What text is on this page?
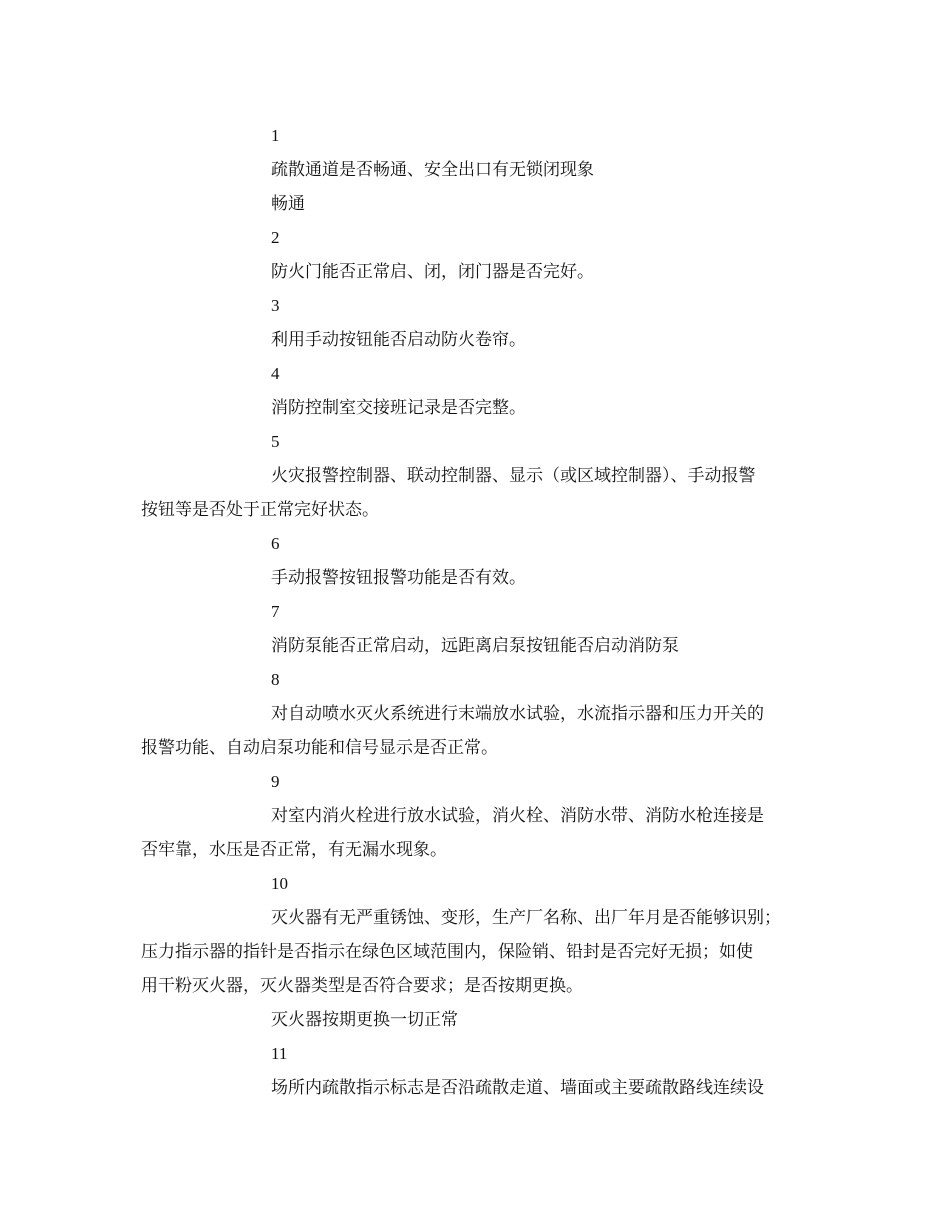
1

疏散通道是否畅通、安全出口有无锁闭现象

畅通

2

防火门能否正常启、闭，闭门器是否完好。

3

利用手动按钮能否启动防火卷帘。

4

消防控制室交接班记录是否完整。

5

火灾报警控制器、联动控制器、显示（或区域控制器）、手动报警

按钮等是否处于正常完好状态。

6

手动报警按钮报警功能是否有效。

7

消防泵能否正常启动，远距离启泵按钮能否启动消防泵

8

对自动喷水灭火系统进行末端放水试验，水流指示器和压力开关的

报警功能、自动启泵功能和信号显示是否正常。

9

对室内消火栓进行放水试验，消火栓、消防水带、消防水枪连接是

否牢靠，水压是否正常，有无漏水现象。

10

灭火器有无严重锈蚀、变形，生产厂名称、出厂年月是否能够识别；

压力指示器的指针是否指示在绿色区域范围内，保险销、铅封是否完好无损；如使

用干粉灭火器，灭火器类型是否符合要求；是否按期更换。

灭火器按期更换一切正常

11

场所内疏散指示标志是否沿疏散走道、墙面或主要疏散路线连续设
